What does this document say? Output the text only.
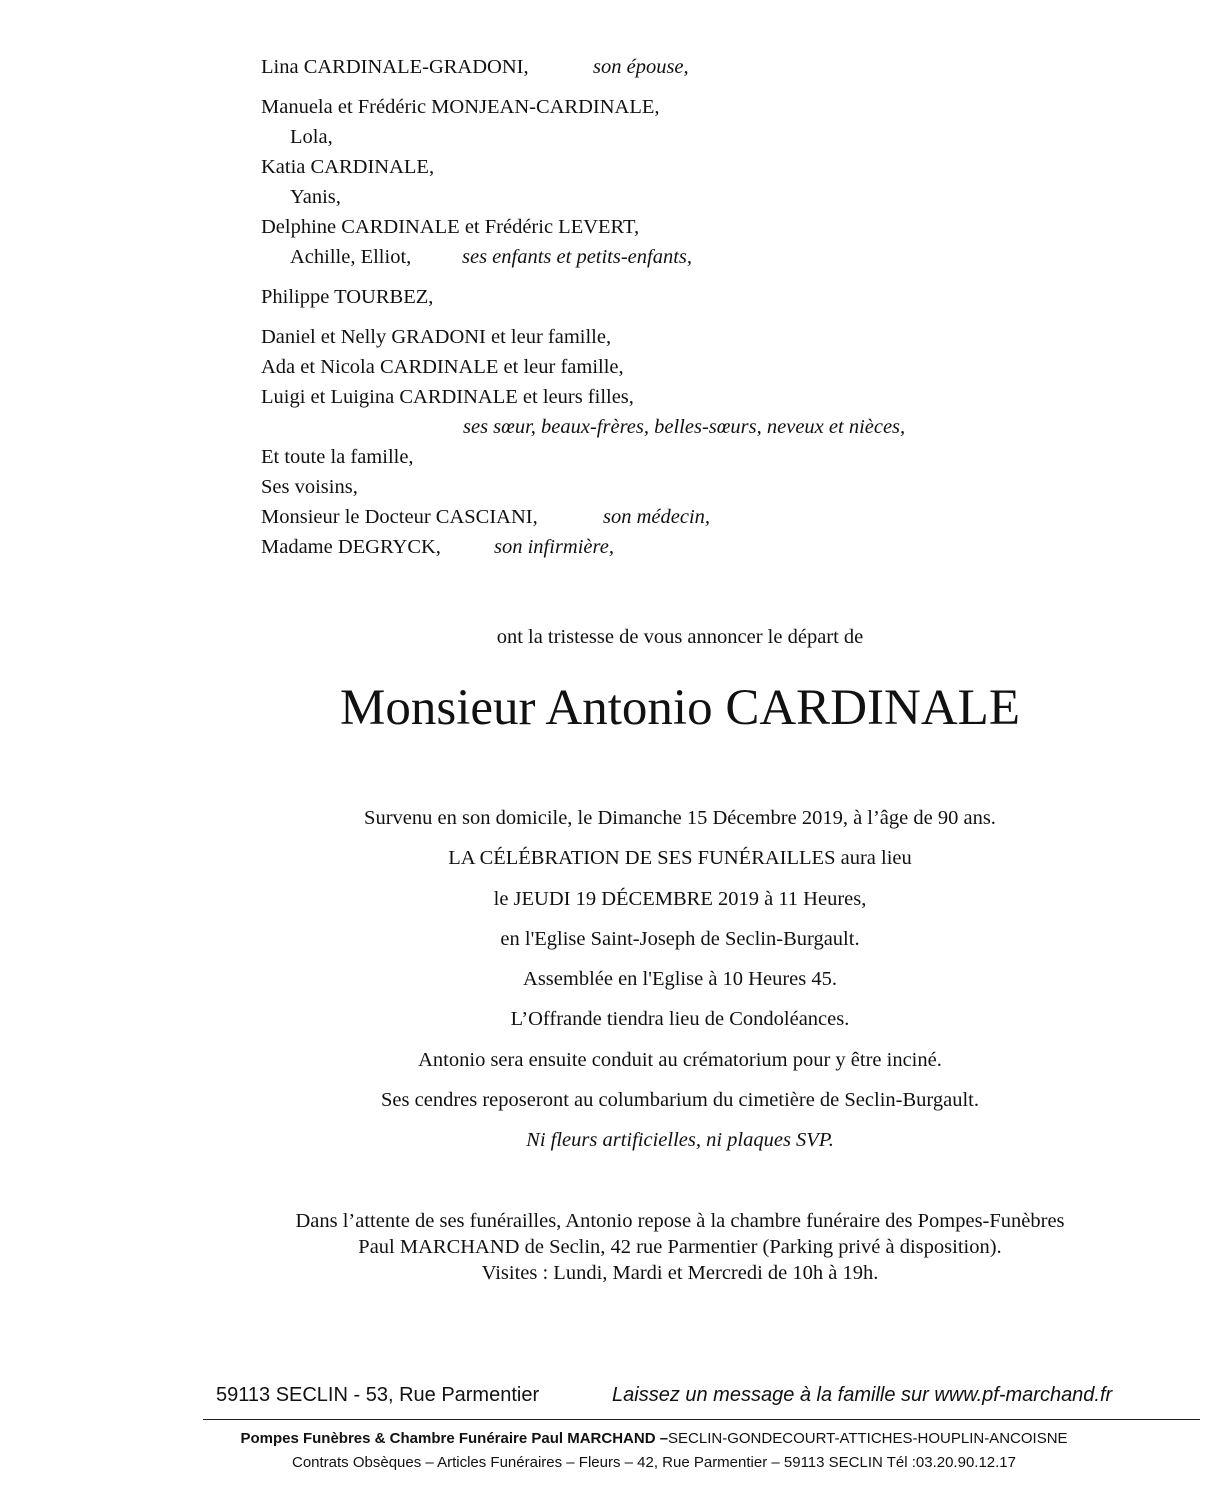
Lina CARDINALE-GRADONI,	son épouse,
Manuela et Frédéric MONJEAN-CARDINALE,
Lola,
Katia CARDINALE,
Yanis,
Delphine CARDINALE et Frédéric LEVERT,
Achille, Elliot, ses enfants et petits-enfants,
Philippe TOURBEZ,
Daniel et Nelly GRADONI et leur famille,
Ada et Nicola CARDINALE et leur famille,
Luigi et Luigina CARDINALE et leurs filles,
ses sœur, beaux-frères, belles-sœurs, neveux et nièces,
Et toute la famille,
Ses voisins,
Monsieur le Docteur CASCIANI,	son médecin,
Madame DEGRYCK,	son infirmière,
ont la tristesse de vous annoncer le départ de
Monsieur Antonio CARDINALE
Survenu en son domicile, le Dimanche 15 Décembre 2019, à l’âge de 90 ans.
LA CÉLÉBRATION DE SES FUNÉRAILLES aura lieu
le JEUDI 19 DÉCEMBRE 2019 à 11 Heures,
en l'Eglise Saint-Joseph de Seclin-Burgault.
Assemblée en l'Eglise à 10 Heures 45.
L’Offrande tiendra lieu de Condoléances.
Antonio sera ensuite conduit au crématorium pour y être inciné.
Ses cendres reposeront au columbarium du cimetière de Seclin-Burgault.
Ni fleurs artificielles, ni plaques SVP.
Dans l’attente de ses funérailles, Antonio repose à la chambre funéraire des Pompes-Funèbres
Paul MARCHAND de Seclin, 42 rue Parmentier (Parking privé à disposition).
Visites : Lundi, Mardi et Mercredi de 10h à 19h.
59113 SECLIN - 53, Rue Parmentier	Laissez un message à la famille sur www.pf-marchand.fr
Pompes Funèbres & Chambre Funéraire Paul MARCHAND –SECLIN-GONDECOURT-ATTICHES-HOUPLIN-ANCOISNE
Contrats Obsèques – Articles Funéraires – Fleurs – 42, Rue Parmentier – 59113 SECLIN Tél :03.20.90.12.17
